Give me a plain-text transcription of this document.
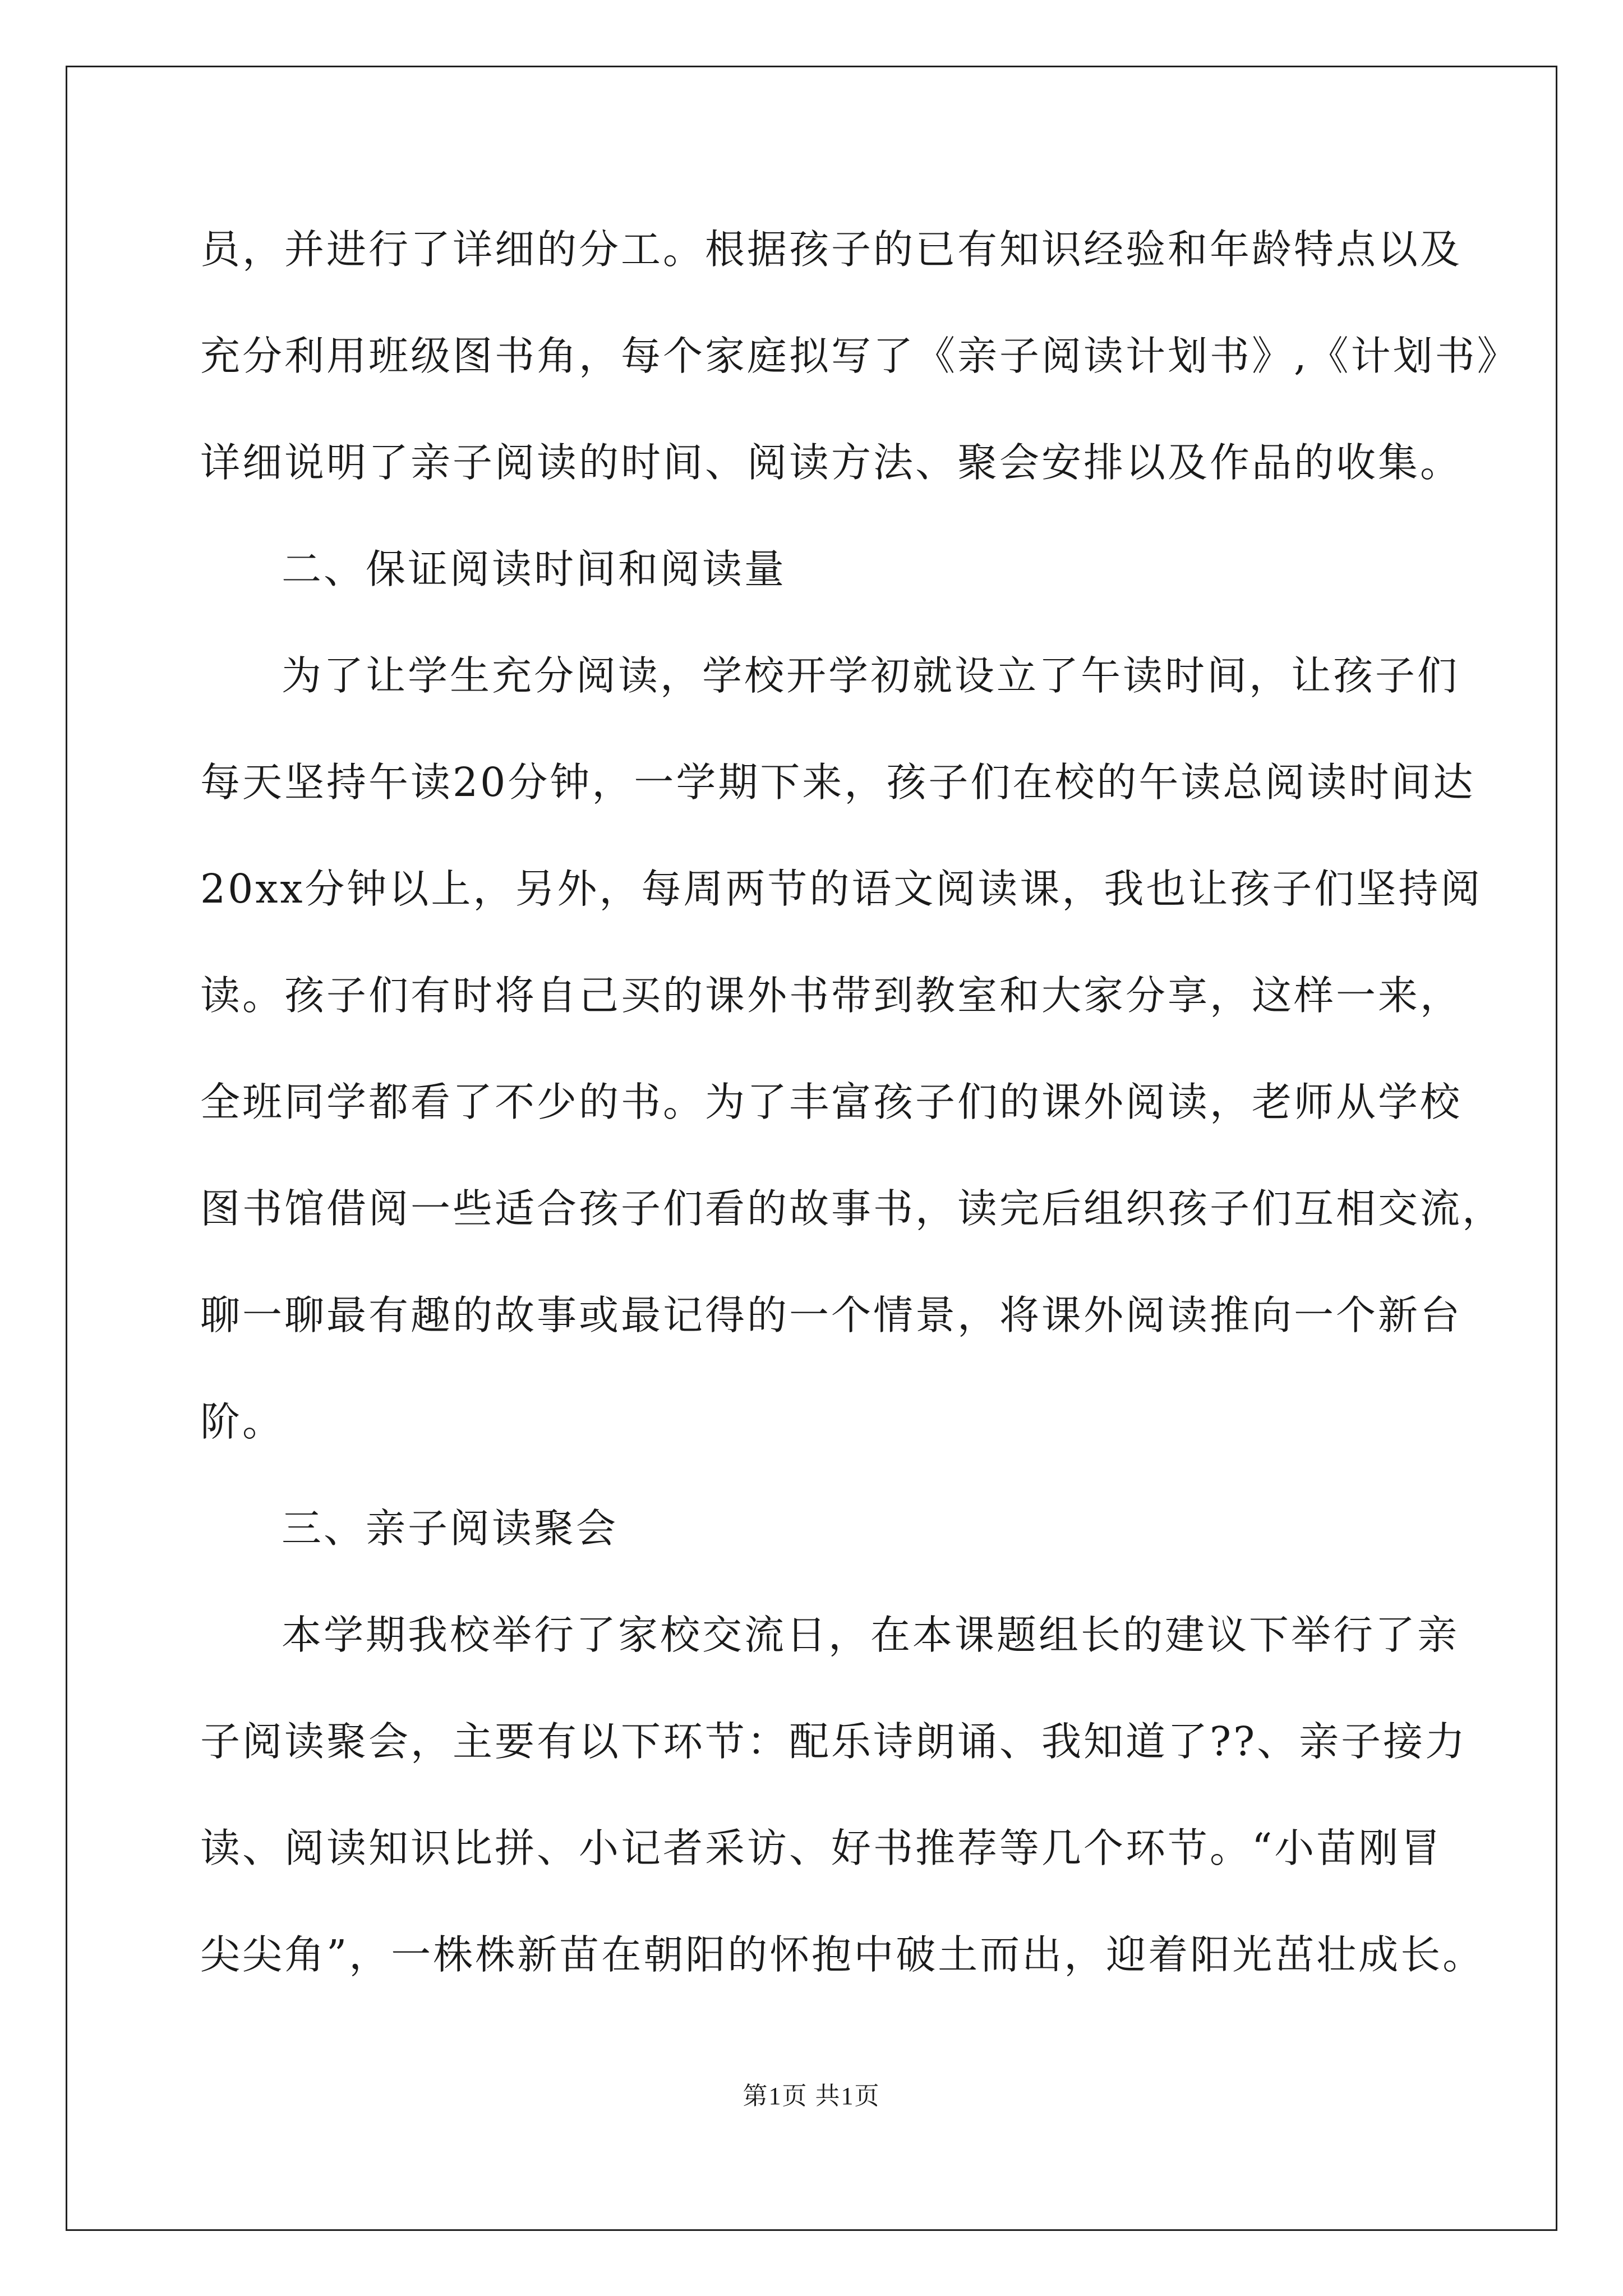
员，并进行了详细的分工。根据孩子的已有知识经验和年龄特点以及
充分利用班级图书角，每个家庭拟写了《亲子阅读计划书》,《计划书》
详细说明了亲子阅读的时间、阅读方法、聚会安排以及作品的收集。
二、保证阅读时间和阅读量
为了让学生充分阅读，学校开学初就设立了午读时间，让孩子们
每天坚持午读20分钟，一学期下来，孩子们在校的午读总阅读时间达
20xx分钟以上，另外，每周两节的语文阅读课，我也让孩子们坚持阅
读。孩子们有时将自己买的课外书带到教室和大家分享，这样一来，
全班同学都看了不少的书。为了丰富孩子们的课外阅读，老师从学校
图书馆借阅一些适合孩子们看的故事书，读完后组织孩子们互相交流，
聊一聊最有趣的故事或最记得的一个情景，将课外阅读推向一个新台
阶。
三、亲子阅读聚会
本学期我校举行了家校交流日，在本课题组长的建议下举行了亲
子阅读聚会，主要有以下环节：配乐诗朗诵、我知道了??、亲子接力
读、阅读知识比拼、小记者采访、好书推荐等几个环节。“小苗刚冒
尖尖角”，一株株新苗在朝阳的怀抱中破土而出，迎着阳光茁壮成长。
第1页 共1页
